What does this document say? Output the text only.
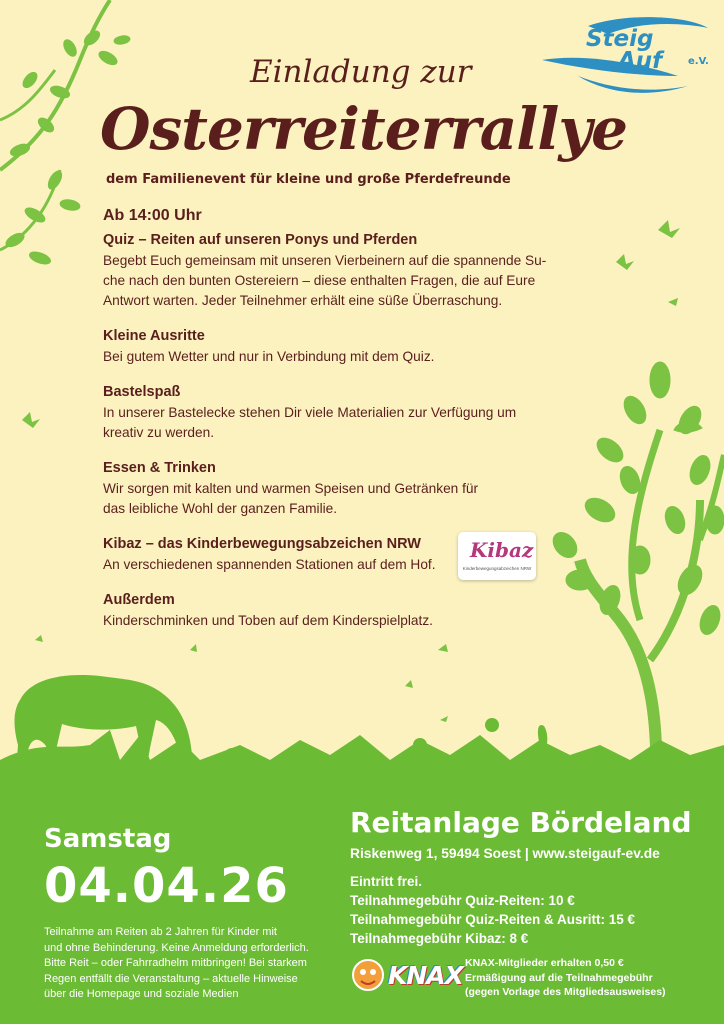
Steig
Auf	e.V.
Einladung zur
Osterreiterrallye
dem Familienevent für kleine und große Pferdefreunde
Ab 14:00 Uhr
Quiz – Reiten auf unseren Ponys und Pferden
Begebt Euch gemeinsam mit unseren Vierbeinern auf die spannende Su-
che nach den bunten Ostereiern – diese enthalten Fragen, die auf Eure
Antwort warten. Jeder Teilnehmer erhält eine süße Überraschung.
Kleine Ausritte
Bei gutem Wetter und nur in Verbindung mit dem Quiz.
Bastelspaß
In unserer Bastelecke stehen Dir viele Materialien zur Verfügung um
kreativ zu werden.
Essen & Trinken
Wir sorgen mit kalten und warmen Speisen und Getränken für
das leibliche Wohl der ganzen Familie.
Kibaz – das Kinderbewegungsabzeichen NRW
An verschiedenen spannenden Stationen auf dem Hof.
Außerdem
Kinderschminken und Toben auf dem Kinderspielplatz.
Kibaz
Kinderbewegungsabzeichen NRW
Samstag
04.04.26
Teilnahme am Reiten ab 2 Jahren für Kinder mit
und ohne Behinderung. Keine Anmeldung erforderlich.
Bitte Reit – oder Fahrradhelm mitbringen! Bei starkem
Regen entfällt die Veranstaltung – aktuelle Hinweise
über die Homepage und soziale Medien
Reitanlage Bördeland
Riskenweg 1, 59494 Soest | www.steigauf-ev.de
Eintritt frei.
Teilnahmegebühr Quiz-Reiten: 10 €
Teilnahmegebühr Quiz-Reiten & Ausritt: 15 €
Teilnahmegebühr Kibaz: 8 €
KNAX KNAX-Mitglieder erhalten 0,50 €
Ermäßigung auf die Teilnahmegebühr
(gegen Vorlage des Mitgliedsausweises)
